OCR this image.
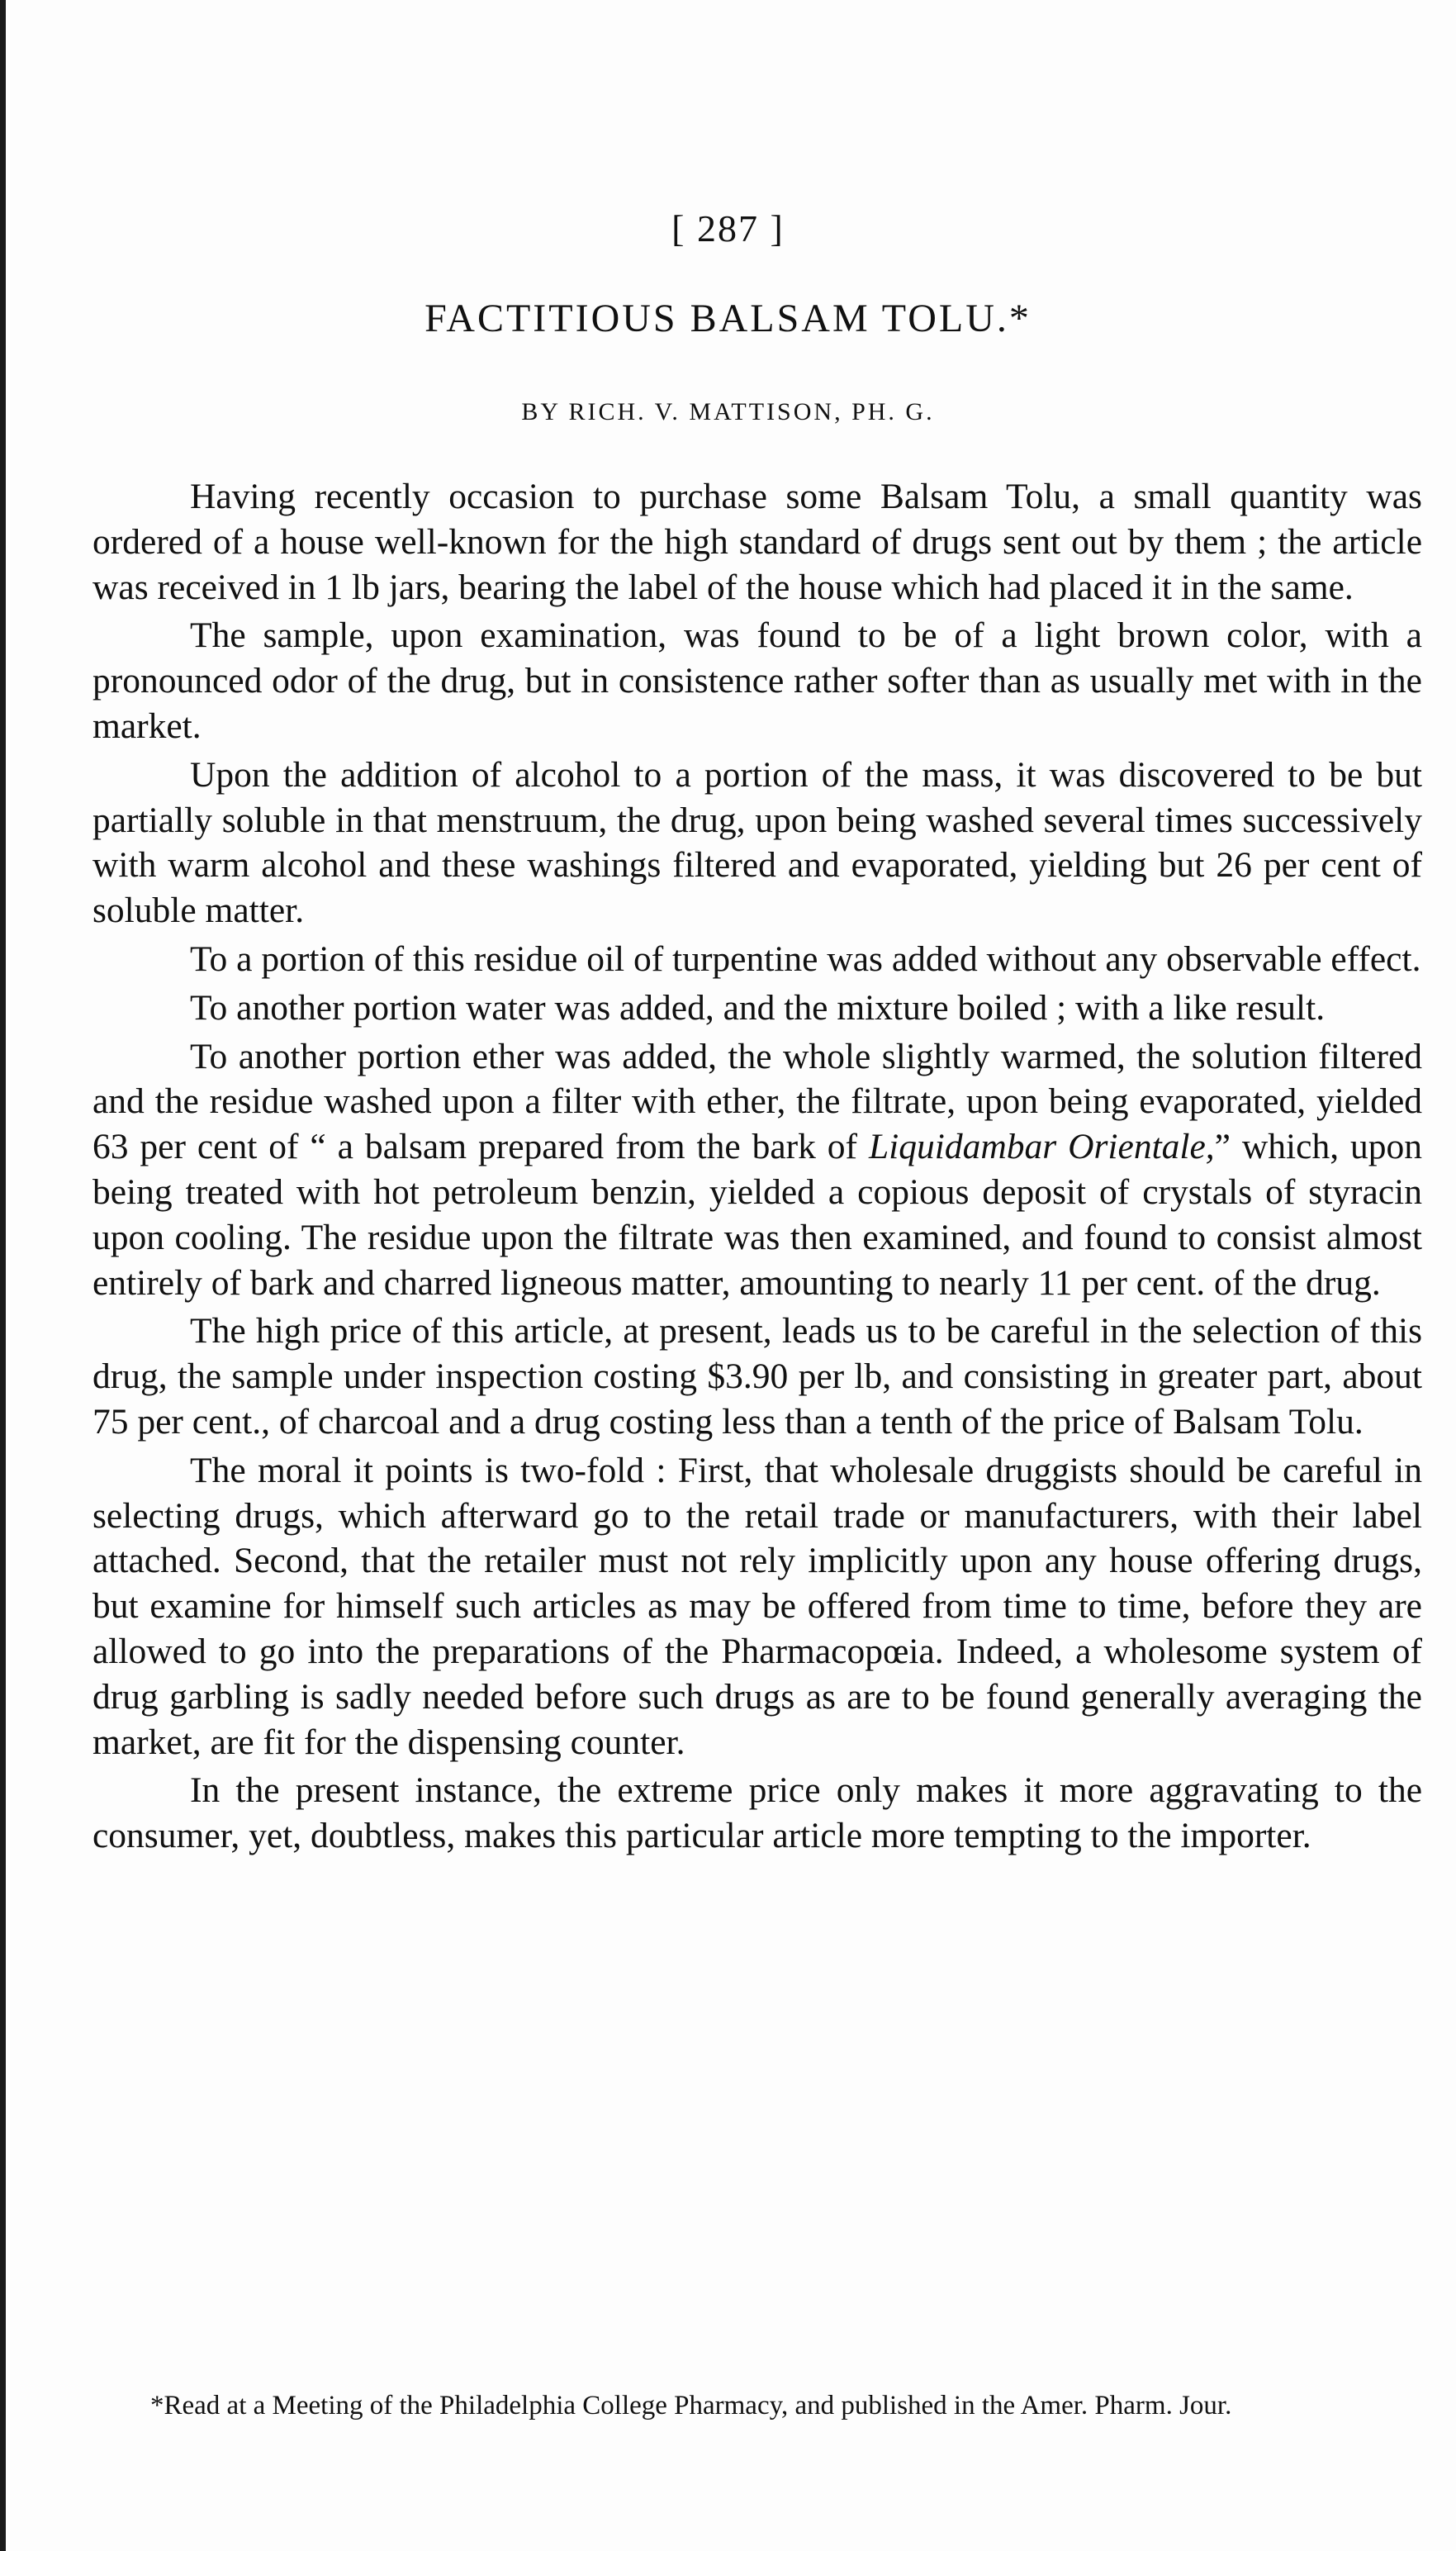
[ 287 ]
FACTITIOUS BALSAM TOLU.*
BY RICH. V. MATTISON, PH. G.

Having recently occasion to purchase some Balsam Tolu, a small quantity was ordered of a house well-known for the high standard of drugs sent out by them ; the article was received in 1 lb jars, bearing the label of the house which had placed it in the same.

The sample, upon examination, was found to be of a light brown color, with a pronounced odor of the drug, but in consistence rather softer than as usually met with in the market.

Upon the addition of alcohol to a portion of the mass, it was discovered to be but partially soluble in that menstruum, the drug, upon being washed several times successively with warm alcohol and these washings filtered and evaporated, yielding but 26 per cent of soluble matter.

To a portion of this residue oil of turpentine was added without any observable effect.

To another portion water was added, and the mixture boiled ; with a like result.

To another portion ether was added, the whole slightly warmed, the solution filtered and the residue washed upon a filter with ether, the filtrate, upon being evaporated, yielded 63 per cent of “ a balsam prepared from the bark of Liquidambar Orientale,” which, upon being treated with hot petroleum benzin, yielded a copious deposit of crystals of styracin upon cooling. The residue upon the filtrate was then examined, and found to consist almost entirely of bark and charred ligneous matter, amounting to nearly 11 per cent. of the drug.

The high price of this article, at present, leads us to be careful in the selection of this drug, the sample under inspection costing $3.90 per lb, and consisting in greater part, about 75 per cent., of charcoal and a drug costing less than a tenth of the price of Balsam Tolu.

The moral it points is two-fold : First, that wholesale druggists should be careful in selecting drugs, which afterward go to the retail trade or manufacturers, with their label attached. Second, that the retailer must not rely implicitly upon any house offering drugs, but examine for himself such articles as may be offered from time to time, before they are allowed to go into the preparations of the Pharmacopœia. Indeed, a wholesome system of drug garbling is sadly needed before such drugs as are to be found generally averaging the market, are fit for the dispensing counter.

In the present instance, the extreme price only makes it more aggravating to the consumer, yet, doubtless, makes this particular article more tempting to the importer.

*Read at a Meeting of the Philadelphia College Pharmacy, and published in the Amer. Pharm. Jour.
